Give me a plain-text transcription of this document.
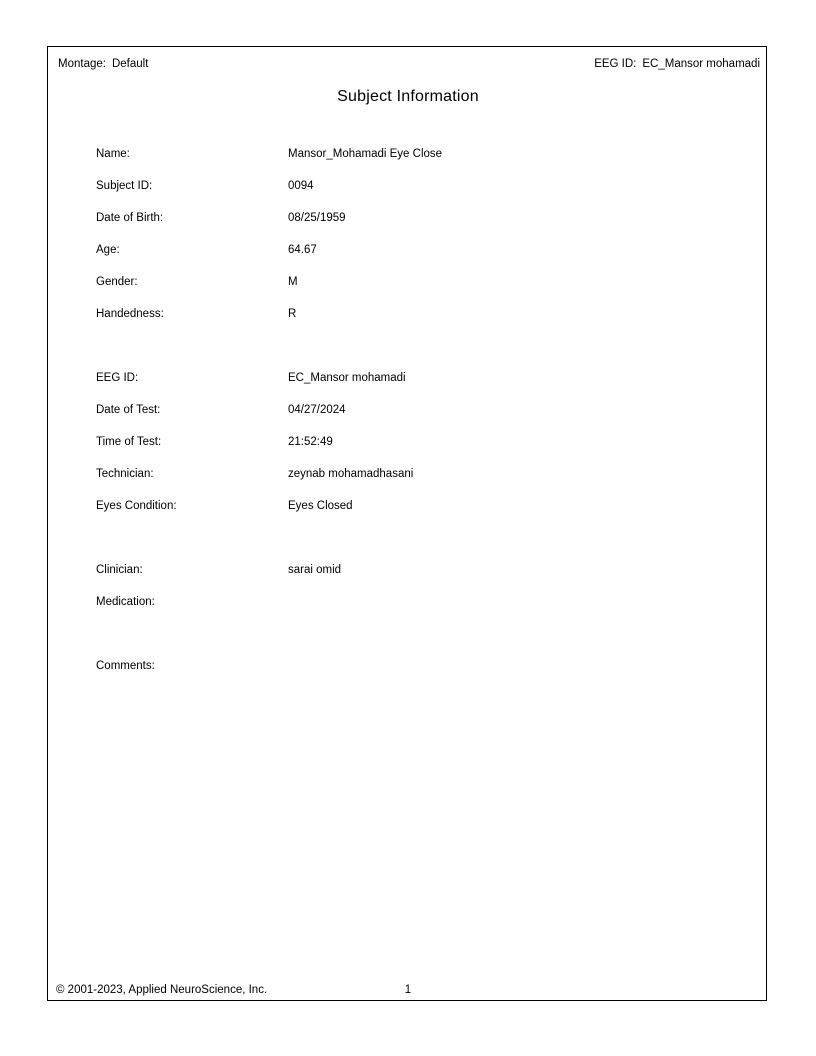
Montage: Default	EEG ID: EC_Mansor mohamadi
Subject Information
Name:	Mansor_Mohamadi Eye Close
Subject ID:	0094
Date of Birth:	08/25/1959
Age:	64.67
Gender:	M
Handedness:	R
EEG ID:	EC_Mansor mohamadi
Date of Test:	04/27/2024
Time of Test:	21:52:49
Technician:	zeynab mohamadhasani
Eyes Condition:	Eyes Closed
Clinician:	sarai omid
Medication:
Comments:
1
© 2001-2023, Applied NeuroScience, Inc.
